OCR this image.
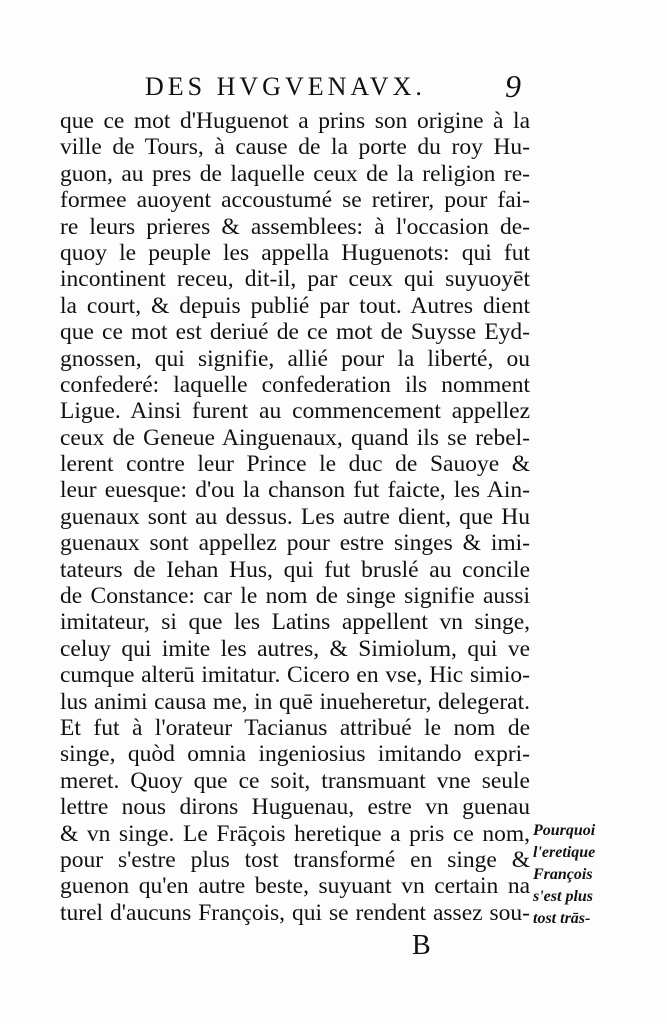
DES HVGVENAVX. 9
que ce mot d'Huguenot a prins son origine à la
ville de Tours, à cause de la porte du roy Hu-
guon, au pres de laquelle ceux de la religion re-
formee auoyent accoustumé se retirer, pour fai-
re leurs prieres & assemblees: à l'occasion de-
quoy le peuple les appella Huguenots: qui fut
incontinent receu, dit-il, par ceux qui suyuoyēt
la court, & depuis publié par tout. Autres dient
que ce mot est deriué de ce mot de Suysse Eyd-
gnossen, qui signifie, allié pour la liberté, ou
confederé: laquelle confederation ils nomment
Ligue. Ainsi furent au commencement appellez
ceux de Geneue Ainguenaux, quand ils se rebel-
lerent contre leur Prince le duc de Sauoye &
leur euesque: d'ou la chanson fut faicte, les Ain-
guenaux sont au dessus. Les autre dient, que Hu
guenaux sont appellez pour estre singes & imi-
tateurs de Iehan Hus, qui fut bruslé au concile
de Constance: car le nom de singe signifie aussi
imitateur, si que les Latins appellent vn singe,
celuy qui imite les autres, & Simiolum, qui ve
cumque alterū imitatur. Cicero en vse, Hic simio-
lus animi causa me, in quē inueheretur, delegerat.
Et fut à l'orateur Tacianus attribué le nom de
singe, quòd omnia ingeniosius imitando expri-
meret. Quoy que ce soit, transmuant vne seule
lettre nous dirons Huguenau, estre vn guenau
& vn singe. Le Frāçois heretique a pris ce nom,
pour s'estre plus tost transformé en singe &
guenon qu'en autre beste, suyuant vn certain na
turel d'aucuns François, qui se rendent assez sou-
Pourquoi
l'eretique
François
s'est plus
tost trās-
B
